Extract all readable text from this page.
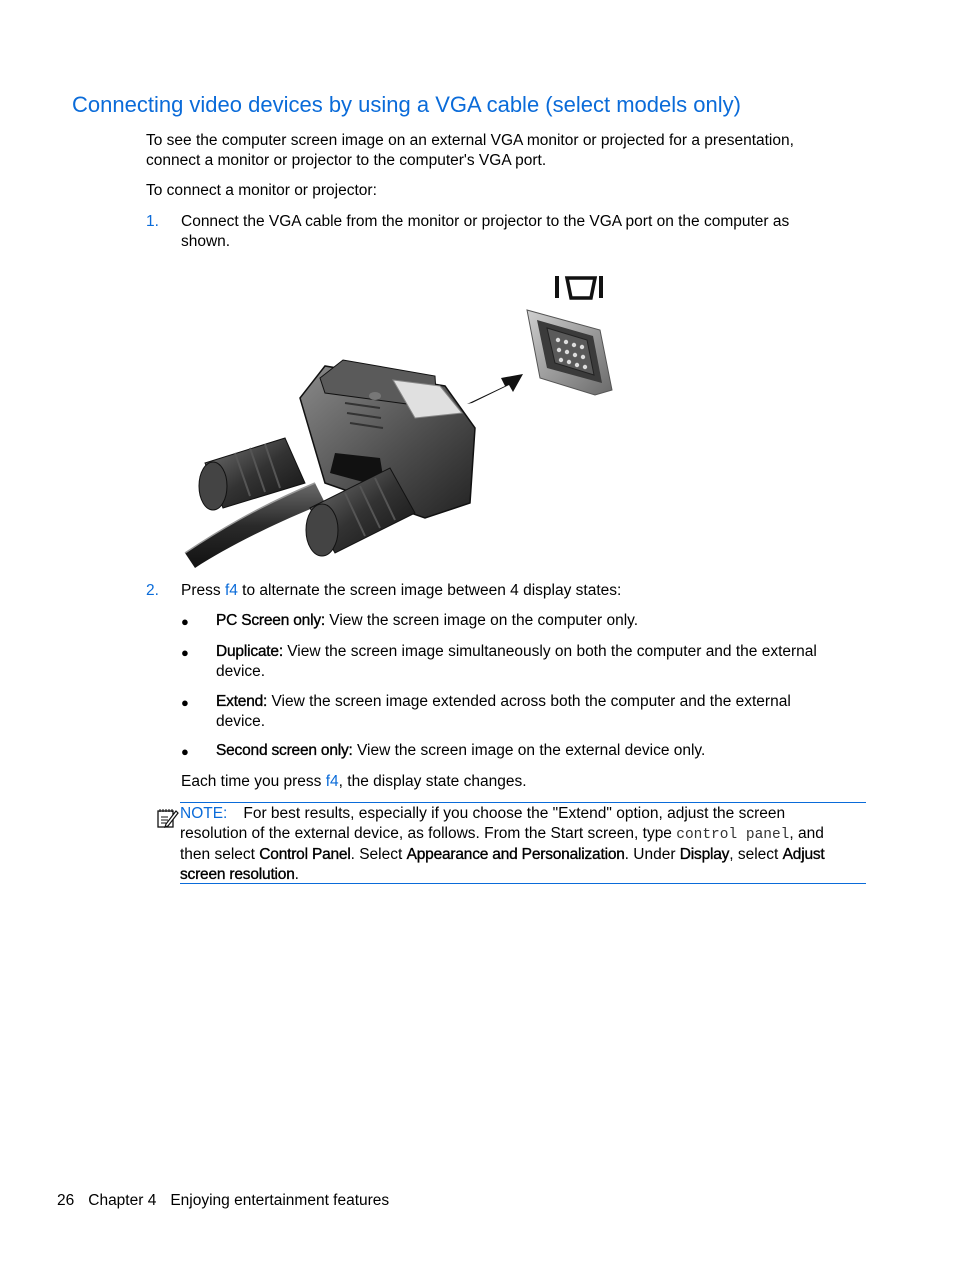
Connecting video devices by using a VGA cable (select models only)
To see the computer screen image on an external VGA monitor or projected for a presentation,
connect a monitor or projector to the computer's VGA port.
To connect a monitor or projector:
1. Connect the VGA cable from the monitor or projector to the VGA port on the computer as
shown.
2. Press f4 to alternate the screen image between 4 display states:
● PC Screen only: View the screen image on the computer only.
● Duplicate: View the screen image simultaneously on both the computer and the external
device.
● Extend: View the screen image extended across both the computer and the external
device.
● Second screen only: View the screen image on the external device only.
Each time you press f4, the display state changes.
NOTE: For best results, especially if you choose the "Extend" option, adjust the screen
resolution of the external device, as follows. From the Start screen, type control panel, and
then select Control Panel. Select Appearance and Personalization. Under Display, select Adjust
screen resolution.
26 Chapter 4 Enjoying entertainment features
